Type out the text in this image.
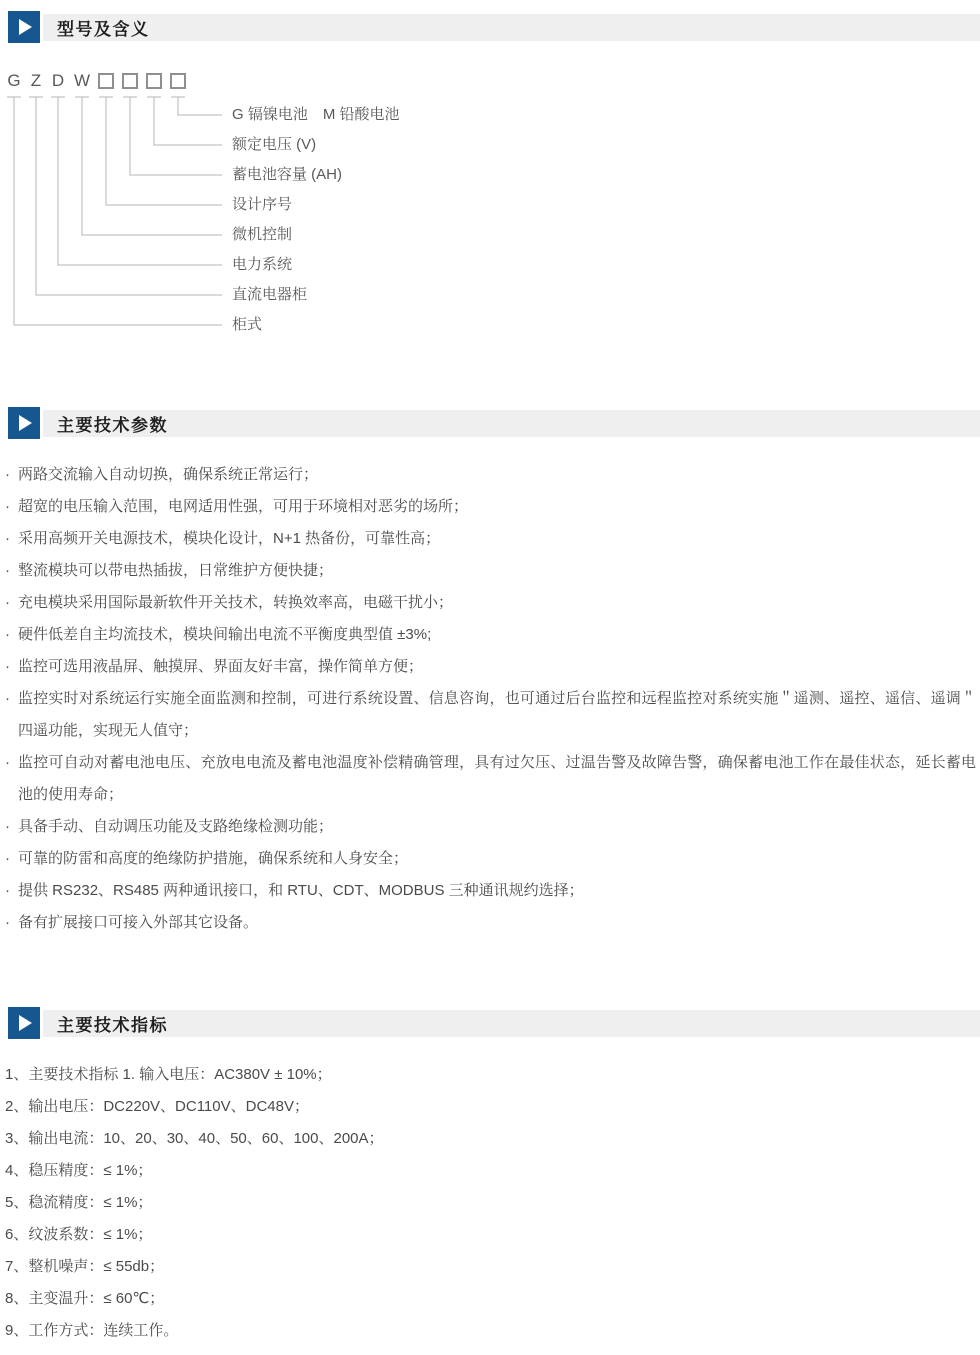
型号及含义
G Z D W
G 镉镍电池　M 铅酸电池
额定电压 (V)
蓄电池容量 (AH)
设计序号
微机控制
电力系统
直流电器柜
柜式
主要技术参数
· 两路交流输入自动切换，确保系统正常运行；
· 超宽的电压输入范围，电网适用性强，可用于环境相对恶劣的场所；
· 采用高频开关电源技术，模块化设计，N+1 热备份，可靠性高；
· 整流模块可以带电热插拔，日常维护方便快捷；
· 充电模块采用国际最新软件开关技术，转换效率高，电磁干扰小；
· 硬件低差自主均流技术，模块间输出电流不平衡度典型值 ±3%;
· 监控可选用液晶屏、触摸屏、界面友好丰富，操作简单方便；
· 监控实时对系统运行实施全面监测和控制，可进行系统设置、信息咨询，也可通过后台监控和远程监控对系统实施＂遥测、遥控、遥信、遥调＂四遥功能，实现无人值守；
· 监控可自动对蓄电池电压、充放电电流及蓄电池温度补偿精确管理，具有过欠压、过温告警及故障告警，确保蓄电池工作在最佳状态，延长蓄电池的使用寿命；
· 具备手动、自动调压功能及支路绝缘检测功能；
· 可靠的防雷和高度的绝缘防护措施，确保系统和人身安全；
· 提供 RS232、RS485 两种通讯接口，和 RTU、CDT、MODBUS 三种通讯规约选择；
· 备有扩展接口可接入外部其它设备。
主要技术指标
1、主要技术指标 1. 输入电压：AC380V ± 10%；
2、输出电压：DC220V、DC110V、DC48V；
3、输出电流：10、20、30、40、50、60、100、200A；
4、稳压精度：≤ 1%；
5、稳流精度：≤ 1%；
6、纹波系数：≤ 1%；
7、整机噪声：≤ 55db；
8、主变温升：≤ 60℃；
9、工作方式：连续工作。
